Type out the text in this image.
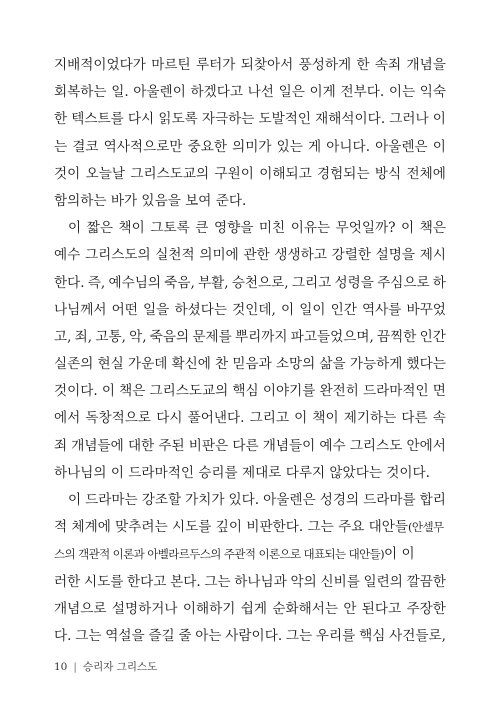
지배적이었다가 마르틴 루터가 되찾아서 풍성하게 한 속죄 개념을
회복하는 일. 아울렌이 하겠다고 나선 일은 이게 전부다. 이는 익숙
한 텍스트를 다시 읽도록 자극하는 도발적인 재해석이다. 그러나 이
는 결코 역사적으로만 중요한 의미가 있는 게 아니다. 아울렌은 이
것이 오늘날 그리스도교의 구원이 이해되고 경험되는 방식 전체에
함의하는 바가 있음을 보여 준다.
이 짧은 책이 그토록 큰 영향을 미친 이유는 무엇일까? 이 책은
예수 그리스도의 실천적 의미에 관한 생생하고 강렬한 설명을 제시
한다. 즉, 예수님의 죽음, 부활, 승천으로, 그리고 성령을 주심으로 하
나님께서 어떤 일을 하셨다는 것인데, 이 일이 인간 역사를 바꾸었
고, 죄, 고통, 악, 죽음의 문제를 뿌리까지 파고들었으며, 끔찍한 인간
실존의 현실 가운데 확신에 찬 믿음과 소망의 삶을 가능하게 했다는
것이다. 이 책은 그리스도교의 핵심 이야기를 완전히 드라마적인 면
에서 독창적으로 다시 풀어낸다. 그리고 이 책이 제기하는 다른 속
죄 개념들에 대한 주된 비판은 다른 개념들이 예수 그리스도 안에서
하나님의 이 드라마적인 승리를 제대로 다루지 않았다는 것이다.
이 드라마는 강조할 가치가 있다. 아울렌은 성경의 드라마를 합리
적 체계에 맞추려는 시도를 깊이 비판한다. 그는 주요 대안들 (안셀무
스의 객관적 이론과 아벨라르두스의 주관적 이론으로 대표되는 대안들) 이 이
러한 시도를 한다고 본다. 그는 하나님과 악의 신비를 일련의 깔끔한
개념으로 설명하거나 이해하기 쉽게 순화해서는 안 된다고 주장한
다. 그는 역설을 즐길 줄 아는 사람이다. 그는 우리를 핵심 사건들로,
10 | 승리자 그리스도
